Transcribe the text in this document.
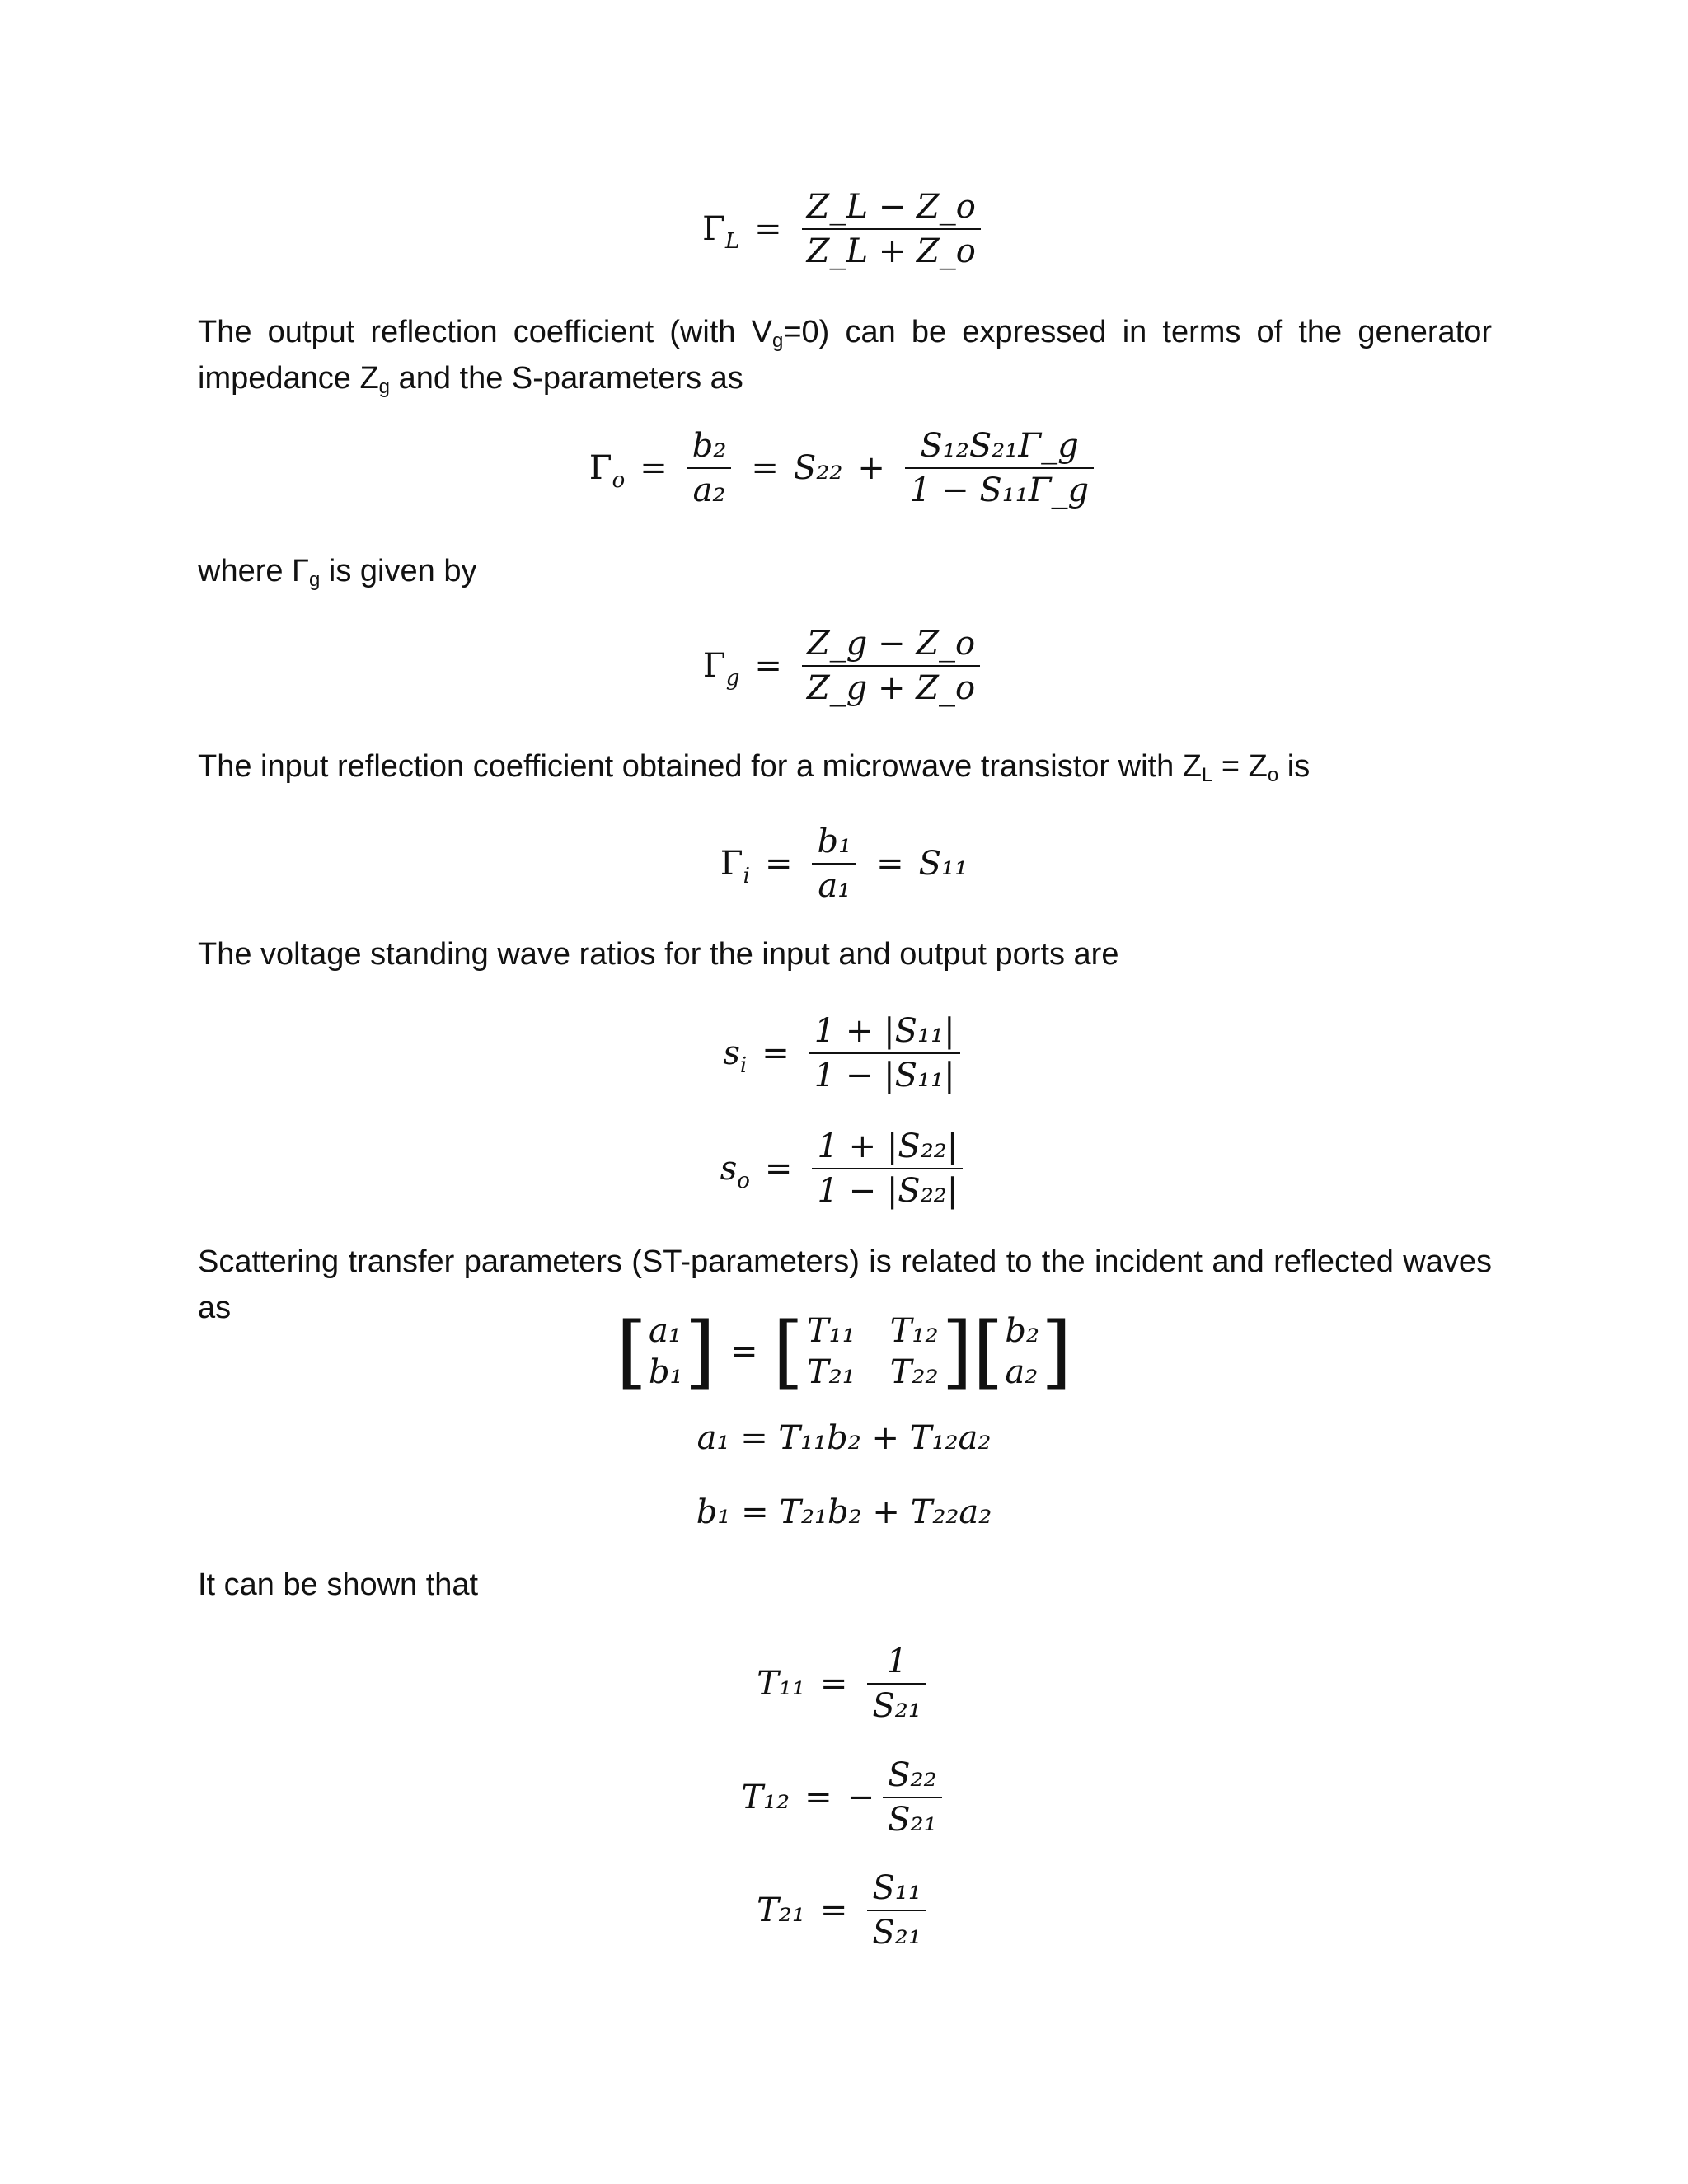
$\Gamma_L = \frac{Z\_L - Z\_o}{Z\_L + Z\_o}$
The output reflection coefficient (with $V_g=0$) can be expressed in terms of the generator impedance $Z_g$ and the S-parameters as
$\Gamma_o = \frac{\text{b₂}}{\text{a₂}} = S_{22} + \frac{\text{S₁₂S₂₁Γ\_g}}{\text{1 − S₁₁Γ\_g}}$
where $\Gamma_g$ is given by
$\Gamma_g = \frac{Z\_g - Z\_o}{Z\_g + Z\_o}$
The input reflection coefficient obtained for a microwave transistor with $Z_L = Z_o$ is
$\Gamma_i = \frac{\text{b₁}}{\text{a₁}} = S_{11}$
The voltage standing wave ratios for the input and output ports are
$s_i = \frac{\text{1 + |S₁₁|}}{\text{1 − |S₁₁|}}$
$s_o = \frac{\text{1 + |S₂₂|}}{\text{1 − |S₂₂|}}$
Scattering transfer parameters (ST-parameters) is related to the incident and reflected waves as	[ a₁
b₁ ] = [ T₁₁ T₁₂
T₂₁ T₂₂ ] [ b₂
a₂ ]
a₁ = T₁₁b₂ + T₁₂a₂
b₁ = T₂₁b₂ + T₂₂a₂
It can be shown that
$T_{11} = \frac{1}{\text{S₂₁}}$
T₁₂ = − $\frac{\text{S₂₂}}{\text{S₂₁}}$
$T_{21} = \frac{\text{S₁₁}}{\text{S₂₁}}$
